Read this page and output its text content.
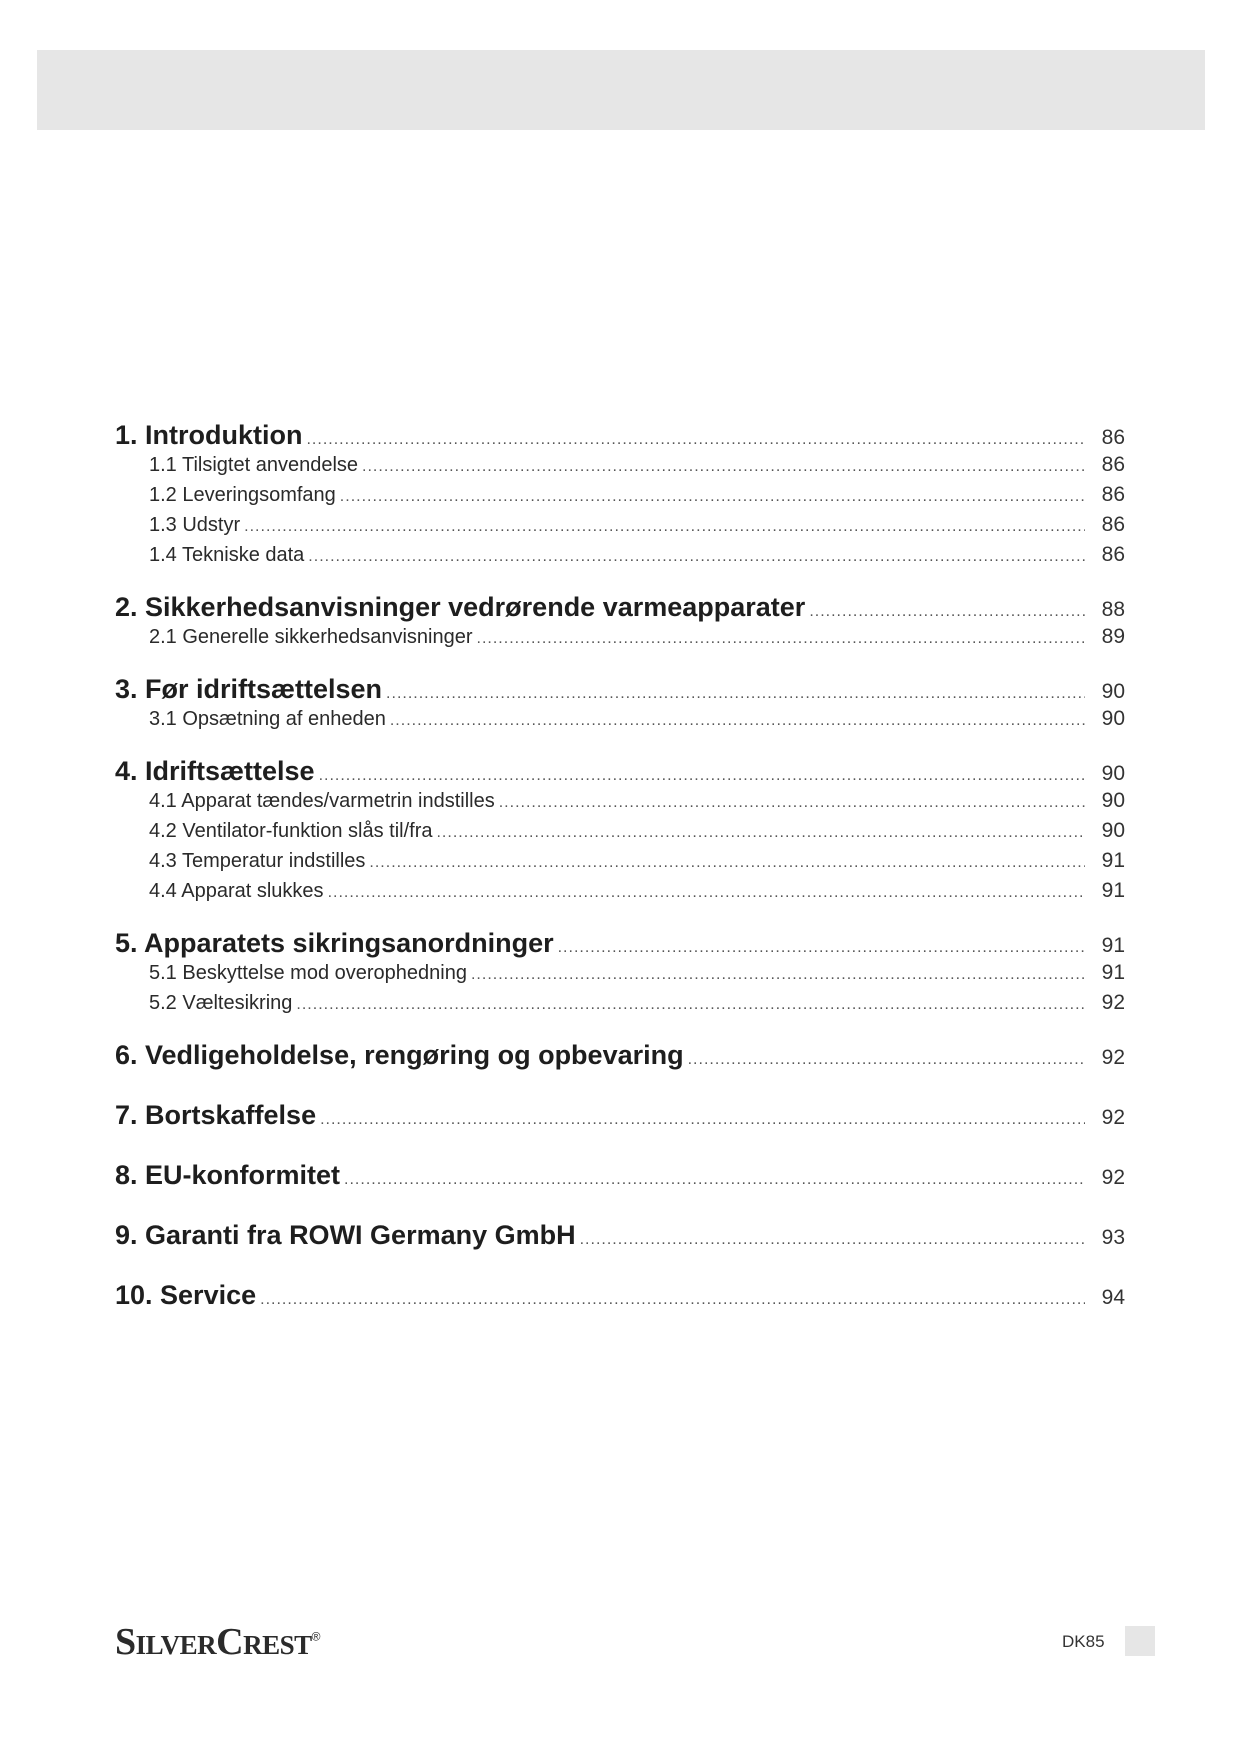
1. Introduktion .....	86
1.1 Tilsigtet anvendelse .....	86
1.2 Leveringsomfang .....	86
1.3 Udstyr .....	86
1.4 Tekniske data .....	86
2. Sikkerhedsanvisninger vedrørende varmeapparater .....	88
2.1 Generelle sikkerhedsanvisninger .....	89
3. Før idriftsættelsen .....	90
3.1 Opsætning af enheden .....	90
4. Idriftsættelse .....	90
4.1 Apparat tændes/varmetrin indstilles .....	90
4.2 Ventilator-funktion slås til/fra .....	90
4.3 Temperatur indstilles .....	91
4.4 Apparat slukkes .....	91
5. Apparatets sikringsanordninger .....	91
5.1 Beskyttelse mod overophedning .....	91
5.2 Væltesikring .....	92
6. Vedligeholdelse, rengøring og opbevaring .....	92
7. Bortskaffelse .....	92
8. EU-konformitet .....	92
9. Garanti fra ROWI Germany GmbH .....	93
10. Service .....	94
SilverCrest®	DK85
